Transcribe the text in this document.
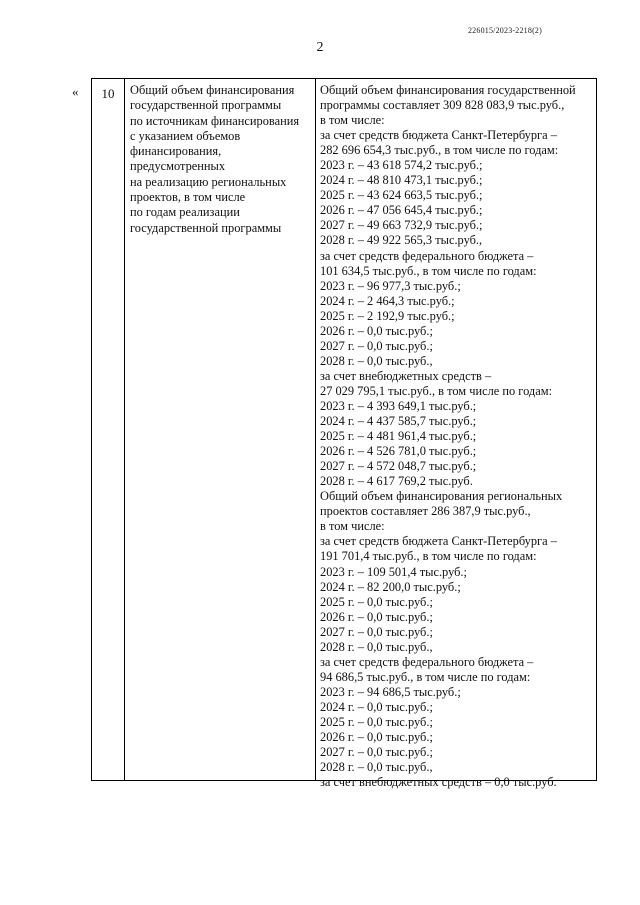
226015/2023-2218(2)
2
«	10	Общий объем финансирования
государственной программы
по источникам финансирования
с указанием объемов
финансирования,
предусмотренных
на реализацию региональных
проектов, в том числе
по годам реализации
государственной программы
Общий объем финансирования государственной
программы составляет 309 828 083,9 тыс.руб.,
в том числе:
за счет средств бюджета Санкт-Петербурга –
282 696 654,3 тыс.руб., в том числе по годам:
2023 г. – 43 618 574,2 тыс.руб.;
2024 г. – 48 810 473,1 тыс.руб.;
2025 г. – 43 624 663,5 тыс.руб.;
2026 г. – 47 056 645,4 тыс.руб.;
2027 г. – 49 663 732,9 тыс.руб.;
2028 г. – 49 922 565,3 тыс.руб.,
за счет средств федерального бюджета –
101 634,5 тыс.руб., в том числе по годам:
2023 г. – 96 977,3 тыс.руб.;
2024 г. – 2 464,3 тыс.руб.;
2025 г. – 2 192,9 тыс.руб.;
2026 г. – 0,0 тыс.руб.;
2027 г. – 0,0 тыс.руб.;
2028 г. – 0,0 тыс.руб.,
за счет внебюджетных средств –
27 029 795,1 тыс.руб., в том числе по годам:
2023 г. – 4 393 649,1 тыс.руб.;
2024 г. – 4 437 585,7 тыс.руб.;
2025 г. – 4 481 961,4 тыс.руб.;
2026 г. – 4 526 781,0 тыс.руб.;
2027 г. – 4 572 048,7 тыс.руб.;
2028 г. – 4 617 769,2 тыс.руб.
Общий объем финансирования региональных
проектов составляет 286 387,9 тыс.руб.,
в том числе:
за счет средств бюджета Санкт-Петербурга –
191 701,4 тыс.руб., в том числе по годам:
2023 г. – 109 501,4 тыс.руб.;
2024 г. – 82 200,0 тыс.руб.;
2025 г. – 0,0 тыс.руб.;
2026 г. – 0,0 тыс.руб.;
2027 г. – 0,0 тыс.руб.;
2028 г. – 0,0 тыс.руб.,
за счет средств федерального бюджета –
94 686,5 тыс.руб., в том числе по годам:
2023 г. – 94 686,5 тыс.руб.;
2024 г. – 0,0 тыс.руб.;
2025 г. – 0,0 тыс.руб.;
2026 г. – 0,0 тыс.руб.;
2027 г. – 0,0 тыс.руб.;
2028 г. – 0,0 тыс.руб.,
за счет внебюджетных средств – 0,0 тыс.руб.
